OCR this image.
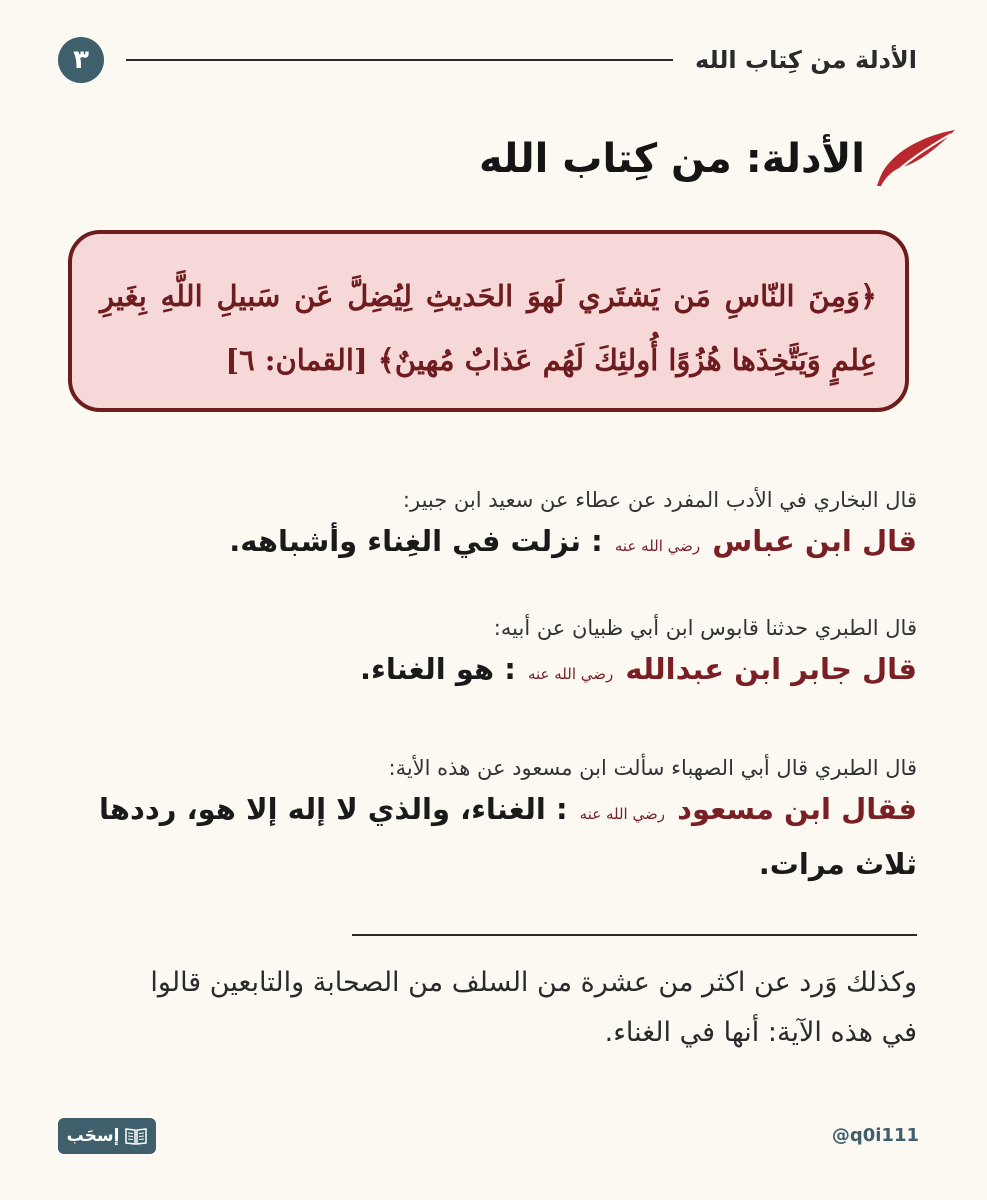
الأدلة من كِتاب الله
٣
الأدلة: من كِتاب الله

﴿وَمِنَ النّاسِ مَن يَشتَري لَهوَ الحَديثِ لِيُضِلَّ عَن سَبيلِ اللَّهِ بِغَيرِ عِلمٍ وَيَتَّخِذَها هُزُوًا أُولئِكَ لَهُم عَذابٌ مُهينٌ﴾ [القمان: ٦]

قال البخاري في الأدب المفرد عن عطاء عن سعيد ابن جبير:

قال ابن عباس رضي الله عنه : نزلت في الغِناء وأشباهه.

قال الطبري حدثنا قابوس ابن أبي ظبيان عن أبيه:

قال جابر ابن عبدالله رضي الله عنه : هو الغناء.

قال الطبري قال أبي الصهباء سألت ابن مسعود عن هذه الأية:

فقال ابن مسعود رضي الله عنه : الغناء، والذي لا إله إلا هو، رددها ثلاث مرات.

وكذلك وَرد عن اكثر من عشرة من السلف من الصحابة والتابعين قالوا في هذه الآية: أنها في الغناء.

@q0i111
إسحَب
